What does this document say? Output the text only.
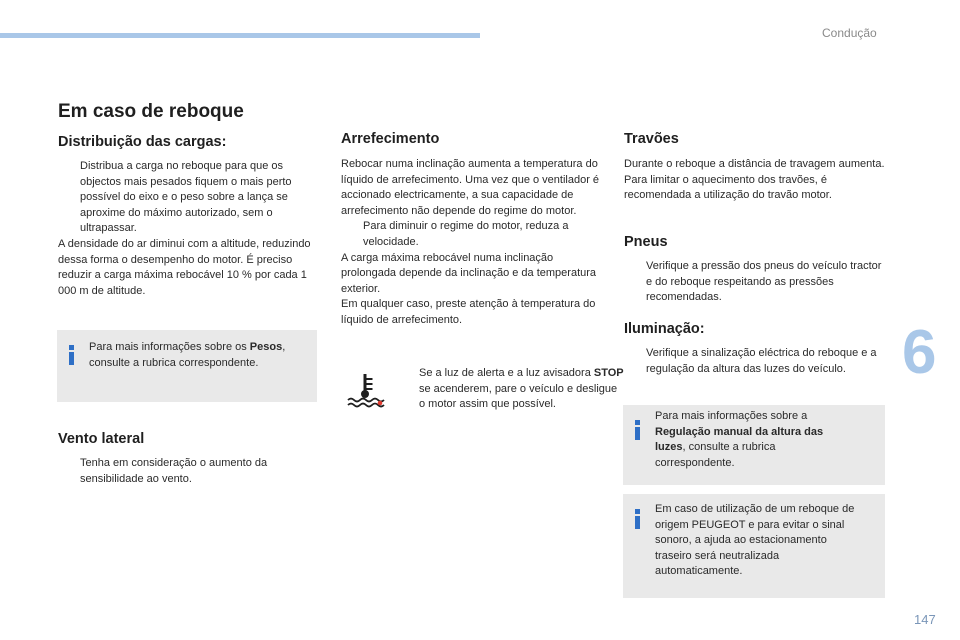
Condução
6
147
Em caso de reboque
Distribuição das cargas:

Distribua a carga no reboque para que os objectos mais pesados fiquem o mais perto possível do eixo e o peso sobre a lança se aproxime do máximo autorizado, sem o ultrapassar.

A densidade do ar diminui com a altitude, reduzindo dessa forma o desempenho do motor. É preciso reduzir a carga máxima rebocável 10 % por cada 1 000 m de altitude.

Para mais informações sobre os Pesos, consulte a rubrica correspondente.
Vento lateral

Tenha em consideração o aumento da sensibilidade ao vento.

Arrefecimento

Rebocar numa inclinação aumenta a temperatura do líquido de arrefecimento. Uma vez que o ventilador é accionado electricamente, a sua capacidade de arrefecimento não depende do regime do motor.

Para diminuir o regime do motor, reduza a velocidade.

A carga máxima rebocável numa inclinação prolongada depende da inclinação e da temperatura exterior.

Em qualquer caso, preste atenção à temperatura do líquido de arrefecimento.

Se a luz de alerta e a luz avisadora STOP se acenderem, pare o veículo e desligue o motor assim que possível.

Travões

Durante o reboque a distância de travagem aumenta.

Para limitar o aquecimento dos travões, é recomendada a utilização do travão motor.

Pneus

Verifique a pressão dos pneus do veículo tractor e do reboque respeitando as pressões recomendadas.

Iluminação:

Verifique a sinalização eléctrica do reboque e a regulação da altura das luzes do veículo.

Para mais informações sobre a Regulação manual da altura das luzes, consulte a rubrica correspondente.
Em caso de utilização de um reboque de origem PEUGEOT e para evitar o sinal sonoro, a ajuda ao estacionamento traseiro será neutralizada automaticamente.
